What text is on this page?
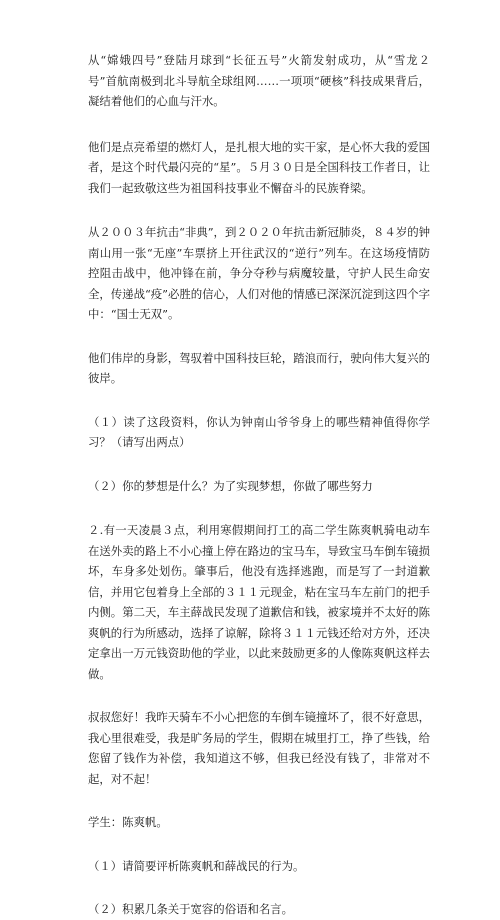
从“嫦娥四号”登陆月球到“长征五号”火箭发射成功，从“雪龙２号”首航南极到北斗导航全球组网……一项项“硬核”科技成果背后，凝结着他们的心血与汗水。

他们是点亮希望的燃灯人，是扎根大地的实干家，是心怀大我的爱国者，是这个时代最闪亮的“星”。５月３０日是全国科技工作者日，让我们一起致敬这些为祖国科技事业不懈奋斗的民族脊梁。

从２００３年抗击“非典”，到２０２０年抗击新冠肺炎，８４岁的钟南山用一张“无座”车票挤上开往武汉的“逆行”列车。在这场疫情防控阻击战中，他冲锋在前，争分夺秒与病魔较量，守护人民生命安全，传递战“疫”必胜的信心，人们对他的情感已深深沉淀到这四个字中：“国士无双”。

他们伟岸的身影，驾驭着中国科技巨轮，踏浪而行，驶向伟大复兴的彼岸。

（１）读了这段资料，你认为钟南山爷爷身上的哪些精神值得你学习？（请写出两点）

（２）你的梦想是什么？为了实现梦想，你做了哪些努力

２.有一天凌晨３点，利用寒假期间打工的高二学生陈爽帆骑电动车在送外卖的路上不小心撞上停在路边的宝马车，导致宝马车倒车镜损坏，车身多处划伤。肇事后，他没有选择逃跑，而是写了一封道歉信，并用它包着身上全部的３１１元现金，粘在宝马车左前门的把手内侧。第二天，车主薛战民发现了道歉信和钱，被家境并不太好的陈爽帆的行为所感动，选择了谅解，除将３１１元钱还给对方外，还决定拿出一万元钱资助他的学业，以此来鼓励更多的人像陈爽帆这样去做。

叔叔您好！我昨天骑车不小心把您的车倒车镜撞坏了，很不好意思，我心里很难受，我是旷务局的学生，假期在城里打工，挣了些钱，给您留了钱作为补偿，我知道这不够，但我已经没有钱了，非常对不起，对不起！

学生：陈爽帆。

（１）请简要评析陈爽帆和薛战民的行为。

（２）积累几条关于宽容的俗语和名言。
